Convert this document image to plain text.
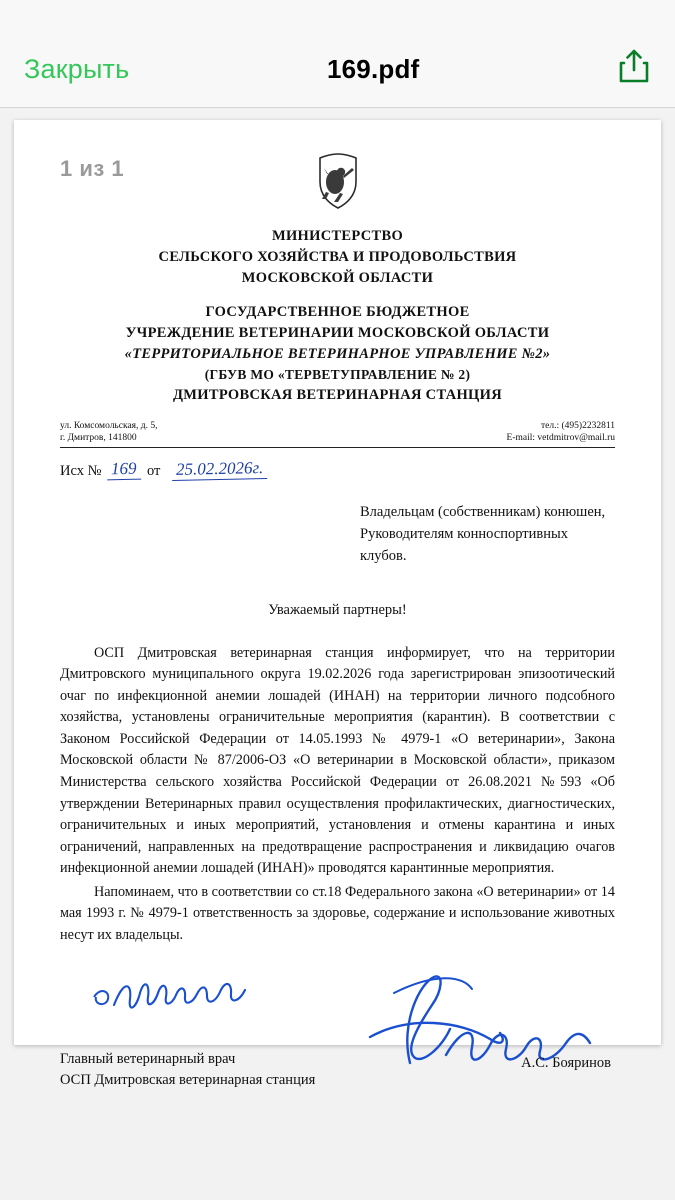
Закрыть	169.pdf
1 из 1
МИНИСТЕРСТВО
СЕЛЬСКОГО ХОЗЯЙСТВА И ПРОДОВОЛЬСТВИЯ
МОСКОВСКОЙ ОБЛАСТИ
ГОСУДАРСТВЕННОЕ БЮДЖЕТНОЕ
УЧРЕЖДЕНИЕ ВЕТЕРИНАРИИ МОСКОВСКОЙ ОБЛАСТИ
«ТЕРРИТОРИАЛЬНОЕ ВЕТЕРИНАРНОЕ УПРАВЛЕНИЕ №2»
(ГБУВ МО «ТЕРВЕТУПРАВЛЕНИЕ № 2)
ДМИТРОВСКАЯ ВЕТЕРИНАРНАЯ СТАНЦИЯ
ул. Комсомольская, д. 5,
г. Дмитров, 141800
тел.: (495)2232811
E-mail: vetdmitrov@mail.ru
Исх № 169 от 25.02.2026г.
Владельцам (собственникам) конюшен,
Руководителям конноспортивных клубов.
Уважаемый партнеры!

ОСП Дмитровская ветеринарная станция информирует, что на территории Дмитровского муниципального округа 19.02.2026 года зарегистрирован эпизоотический очаг по инфекционной анемии лошадей (ИНАН) на территории личного подсобного хозяйства, установлены ограничительные мероприятия (карантин). В соответствии с Законом Российской Федерации от 14.05.1993 № 4979-1 «О ветеринарии», Закона Московской области № 87/2006-ОЗ «О ветеринарии в Московской области», приказом Министерства сельского хозяйства Российской Федерации от 26.08.2021 №593 «Об утверждении Ветеринарных правил осуществления профилактических, диагностических, ограничительных и иных мероприятий, установления и отмены карантина и иных ограничений, направленных на предотвращение распространения и ликвидацию очагов инфекционной анемии лошадей (ИНАН)» проводятся карантинные мероприятия.

Напоминаем, что в соответствии со ст.18 Федерального закона «О ветеринарии» от 14 мая 1993 г. № 4979-1 ответственность за здоровье, содержание и использование животных несут их владельцы.

Главный ветеринарный врач
ОСП Дмитровская ветеринарная станция
А.С. Бояринов
